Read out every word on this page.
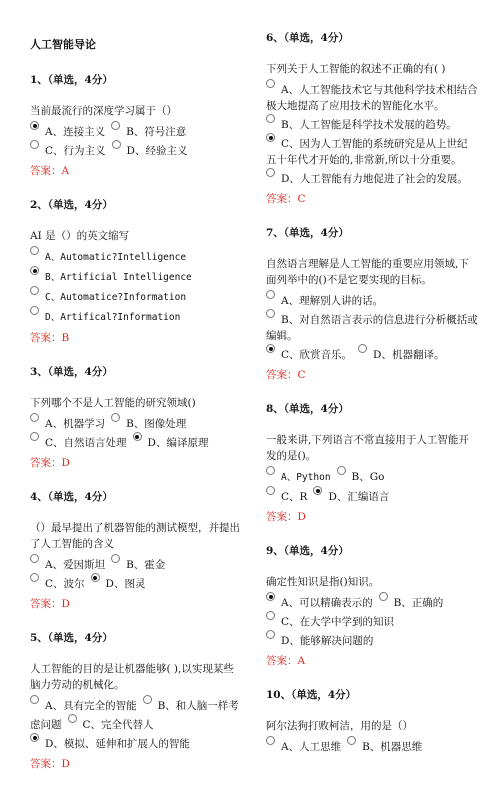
人工智能导论
1、（单选，4分）
当前最流行的深度学习属于（）
A、连接主义 B、符号注意
C、行为主义 D、经验主义
答案：A
2、（单选，4分）
AI 是（）的英文缩写
A、Automatic?Intelligence
B、Artificial Intelligence
C、Automatice?Information
D、Artifical?Information
答案：B
3、（单选，4分）
下列哪个不是人工智能的研究领域()
A、机器学习 B、图像处理
C、自然语言处理 D、编译原理
答案：D
4、（单选，4分）
（）最早提出了机器智能的测试模型，并提出了人工智能的含义
A、爱因斯坦 B、霍金
C、波尔 D、图灵
答案：D
5、（单选，4分）
人工智能的目的是让机器能够( ),以实现某些脑力劳动的机械化。
A、具有完全的智能 B、和人脑一样考虑问题 C、完全代替人
D、模拟、延伸和扩展人的智能
答案：D
6、（单选，4分）
下列关于人工智能的叙述不正确的有( )
A、人工智能技术它与其他科学技术相结合极大地提高了应用技术的智能化水平。
B、人工智能是科学技术发展的趋势。
C、因为人工智能的系统研究是从上世纪五十年代才开始的,非常新,所以十分重要。
D、人工智能有力地促进了社会的发展。
答案：C
7、（单选，4分）
自然语言理解是人工智能的重要应用领域,下面列举中的()不是它要实现的目标。
A、理解别人讲的话。
B、对自然语言表示的信息进行分析概括或编辑。
C、欣赏音乐。 D、机器翻译。
答案：C
8、（单选，4分）
一般来讲,下列语言不常直接用于人工智能开发的是()。
A、Python B、Go
C、R D、汇编语言
答案：D
9、（单选，4分）
确定性知识是指()知识。
A、可以精确表示的 B、正确的
C、在大学中学到的知识
D、能够解决问题的
答案：A
10、（单选，4分）
阿尔法狗打败柯洁，用的是（）
A、人工思维 B、机器思维
